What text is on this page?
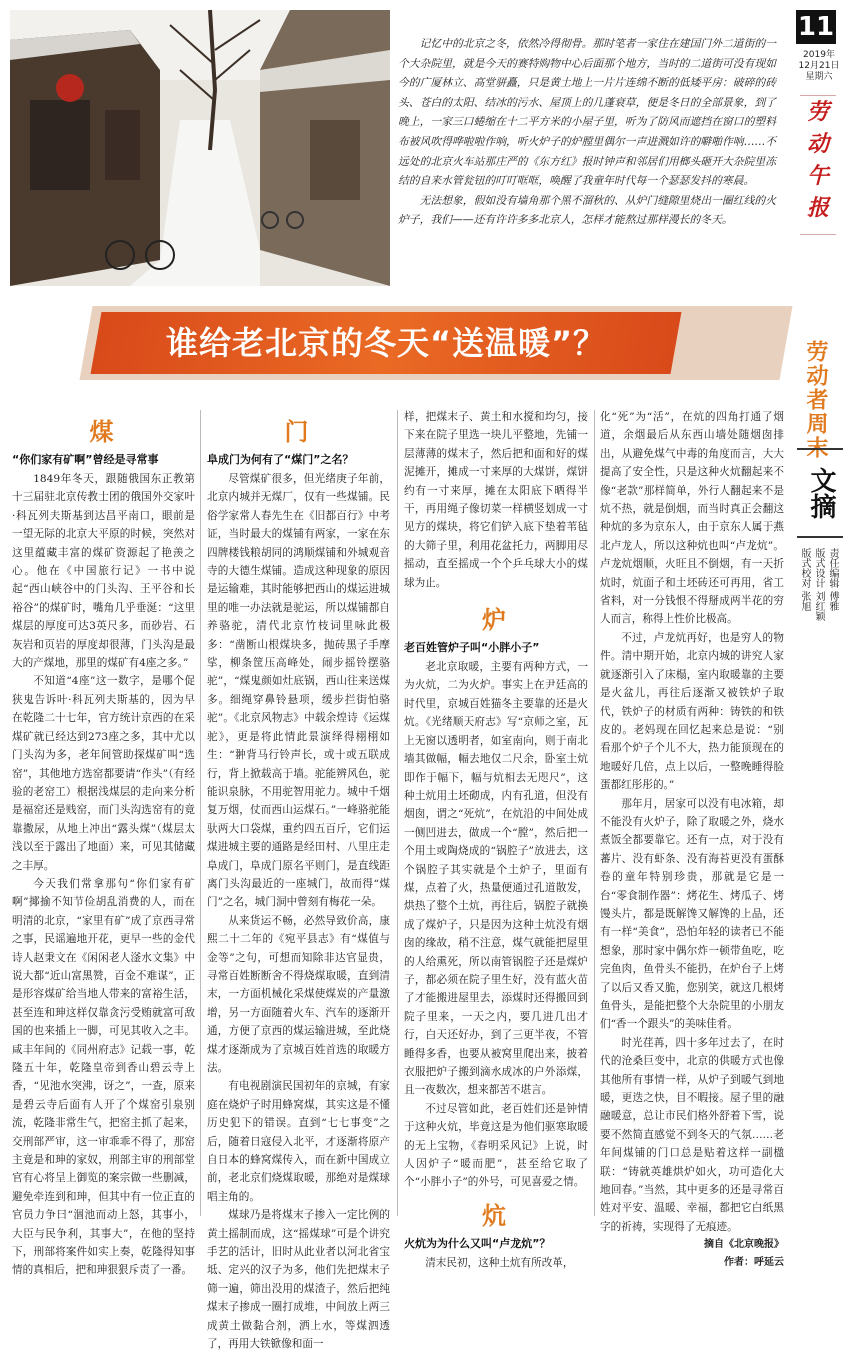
记忆中的北京之冬，依然冷得彻骨。那时笔者一家住在建国门外二道街的一个大杂院里，就是今天的赛特购物中心后面那个地方，当时的二道街可没有现如今的广厦林立、高堂骈矗，只是黄土地上一片片连绵不断的低矮平房：破碎的砖头、苍白的太阳、结冰的污水、屋顶上的几蓬衰草，便是冬日的全部景象，到了晚上，一家三口蜷缩在十二平方米的小屋子里，听为了防风而遮挡在窗口的塑料布被风吹得哗啦啦作响，听火炉子的炉膛里偶尔一声进溅如许的噼啪作响……不远处的北京火车站那庄严的《东方红》报时钟声和邻居们用榔头砸开大杂院里冻结的自来水管瓮钮的叮叮哐哐，唤醒了我童年时代每一个瑟瑟发抖的寒晨。

无法想象，假如没有墙角那个黑不溜秋的、从炉门缝隙里烧出一圈红线的火炉子，我们——还有许许多多北京人，怎样才能熬过那样漫长的冬天。

11
2019年
12月21日
星期六
劳动午报
劳动者周末
文摘
责任编辑 傅雅
版式设计 刘红颖
版式校对 张旭
谁给老北京的冬天“送温暖”？
煤

“你们家有矿啊”曾经是寻常事

1849年冬天，跟随俄国东正教第十三届驻北京传教士团的俄国外交家叶·科瓦列夫斯基到达昌平南口，眼前是一望无际的北京大平原的时候，突然对这里蕴藏丰富的煤矿资源起了艳羡之心。他在《中国旅行记》一书中说起“西山峡谷中的门头沟、王平谷和长裕谷”的煤矿时，嘴角几乎垂涎：“这里煤层的厚度可达3英尺多，而砂岩、石灰岩和页岩的厚度却很薄，门头沟是最大的产煤地，那里的煤矿有4座之多。”

不知道“4座”这一数字，是哪个促狭鬼告诉叶·科瓦列夫斯基的，因为早在乾隆二十七年，官方统计京西的在采煤矿就已经达到273座之多，其中尤以门头沟为多，老年间管助探煤矿叫“选窑”，其他地方选窑都要请“作头”（有经验的老窑工）根据浅煤层的走向来分析是福窑还是贱窑，而门头沟选窑有的竟靠撒尿，从地上冲出“露头煤”（煤层太浅以至于露出了地面）来，可见其储藏之丰厚。

今天我们常拿那句“你们家有矿啊”揶揄不知节俭胡乱消费的人，而在明清的北京，“家里有矿”成了京西寻常之事，民谣遍地开花，更早一些的金代诗人赵秉文在《闲闲老人滏水文集》中说大都“近山富黑赞，百金不难谋”，正是形容煤矿给当地人带来的富裕生活，甚至连和珅这样仅靠贪污受贿就富可敌国的也来插上一脚，可见其收入之丰。咸丰年间的《同州府志》记载一事，乾隆五十年，乾隆皇帝到香山碧云寺上香，“见池水突沸，讶之”，一查，原来是碧云寺后面有人开了个煤窑引泉别流，乾隆非常生气，把窑主抓了起来，交刑部严审，这一审乖乖不得了，那窑主竟是和珅的家奴，刑部主审的刑部堂官有心将呈上御览的案宗做一些删减，避免牵连到和珅，但其中有一位正直的官员力争曰“涸池而动上怒，其事小，大臣与民争利，其事大”，在他的坚持下，刑部将案件如实上奏，乾隆得知事情的真相后，把和珅狠狠斥责了一番。

门

阜成门为何有了“煤门”之名？

尽管煤矿很多，但光绪庚子年前，北京内城并无煤厂，仅有一些煤铺。民俗学家常人春先生在《旧都百行》中考证，当时最大的煤铺有两家，一家在东四牌楼钱粮胡同的鸿顺煤铺和外城观音寺的大德生煤铺。造成这种现象的原因是运输难，其时能够把西山的煤运进城里的唯一办法就是驼运，所以煤铺都自养骆驼，清代北京竹枝词里咏此极多：“凿断山根煤块多，抛砖黑子手摩挲，柳条筐压高峰处，闹步摇铃摆骆驼”，“煤鬼颜如灶底锅，西山往来送煤多。细绳穿鼻铃悬项，缓步拦街怕骆驼”。《北京风物志》中载余煌诗《运煤驼》，更是将此情此景演绎得栩栩如生：“翀背马行铃声长，或十或五联成行，背上掀载高于墙。驼能辨风色，驼能识泉脉，不用驼智用驼力。城中千烟复万烟，仗而西山运煤石。”一峰骆驼能驮两大口袋煤，重约四五百斤，它们运煤进城主要的通路是经田村、八里庄走阜成门，阜成门原名平则门，是直线距离门头沟最近的一座城门，故而得“煤门”之名，城门洞中曾刻有梅花一朵。

从来货运不畅，必然导致价高，康熙二十二年的《宛平县志》有“煤值与金等”之句，可想而知除非达官显贵，寻常百姓断断舍不得烧煤取暖，直到清末，一方面机械化采煤使煤炭的产量激增，另一方面随着火车、汽车的逐渐开通，方便了京西的煤运输进城，至此烧煤才逐渐成为了京城百姓首选的取暖方法。

有电视剧演民国初年的京城，有家庭在烧炉子时用蜂窝煤，其实这是不懂历史犯下的错误。直到“七七事变”之后，随着日寇侵入北平，才逐渐将原产自日本的蜂窝煤传入，而在新中国成立前，老北京们烧煤取暖，那绝对是煤球唱主角的。

煤球乃是将煤末子掺入一定比例的黄土摇制而成，这“摇煤球”可是个讲究手艺的活计，旧时从此业者以河北省宝坻、定兴的汉子为多，他们先把煤末子筛一遍，筛出没用的煤渣子，然后把纯煤末子掺成一圈打成堆，中间放上两三成黄土做黏合剂，洒上水，等煤泗透了，再用大铁锨像和面一

样，把煤末子、黄土和水搅和均匀，接下来在院子里选一块儿平整地，先铺一层薄薄的煤末子，然后把和面和好的煤泥摊开，摊成一寸来厚的大煤饼，煤饼约有一寸来厚，摊在太阳底下晒得半干，再用绳子像切菜一样横竖划成一寸见方的煤块，将它们铲入底下垫着苇毡的大筛子里，利用花盆托力，两脚用尽摇动，直至摇成一个个乒乓球大小的煤球为止。

炉

老百姓管炉子叫“小胖小子”

老北京取暖，主要有两种方式，一为火炕，二为火炉。事实上在尹廷高的时代里，京城百姓猫冬主要靠的还是火炕。《光绪顺天府志》写“京师之室，瓦上无窗以透明者，如室南向，则于南北墙其做幅，幅去地仅二尺余，卧室土炕即作于幅下，幅与炕相去无咫尺”，这种土炕用土坯砌成，内有孔道，但没有烟囱，谓之“死炕”，在炕沿的中间处成一侧凹进去，做成一个“膛”，然后把一个用土或陶烧成的“锅腔子”放进去，这个锅腔子其实就是个土炉子，里面有煤，点着了火，热量便通过孔道散发，烘热了整个土炕，再往后，锅腔子就换成了煤炉子，只是因为这种土炕没有烟囱的缘故，稍不注意，煤气就能把屋里的人给熏死，所以南管锅腔子还是煤炉子，都必须在院子里生好，没有蓝火苗了才能搬进屋里去，添煤时还得搬回到院子里来，一天之内，要几进几出才行，白天还好办，到了三更半夜，不管睡得多香，也要从被窝里爬出来，披着衣服把炉子搬到滴水成冰的户外添煤，且一夜数次，想来都苦不堪言。

不过尽管如此，老百姓们还是钟情于这种火炕，毕竟这是为他们驱寒取暖的无上宝物，《春明采风记》上说，时人因炉子“暖而肥”，甚至给它取了个“小胖小子”的外号，可见喜爱之情。

炕

火炕为为什么又叫“卢龙炕”？

清末民初，这种土炕有所改革，

化“死”为“活”，在炕的四角打通了烟道，余烟最后从东西山墙处随烟囱排出，从避免煤气中毒的角度而言，大大提高了安全性，只是这种火炕翻起来不像“老款”那样简单，外行人翻起来不是炕不热，就是倒烟，而当时真正会翻这种炕的多为京东人，由于京东人属于燕北卢龙人，所以这种炕也叫“卢龙炕”。卢龙炕烟顺，火旺且不倒烟，有一天折炕时，炕面子和土坯砖还可再用，省工省料，对一分钱恨不得掰成两半花的穷人而言，称得上性价比极高。

不过，卢龙炕再好，也是穷人的物件。清中期开始，北京内城的讲究人家就逐渐引入了床榻，室内取暖靠的主要是火盆儿，再往后逐渐又被铁炉子取代，铁炉子的材质有两种：铸铁的和铁皮的。老妈现在回忆起来总是说：“别看那个炉子个儿不大，热力能顶现在的地暖好几倍，点上以后，一整晚睡得脸蛋都红彤彤的。”

那年月，居家可以没有电冰箱，却不能没有火炉子，除了取暖之外，烧水煮饭全都要靠它。还有一点，对于没有蕃片、没有虾条、没有海苔更没有蛋酥卷的童年特别珍贵，那就是它是一台“零食制作器”：烤花生、烤瓜子、烤馒头片，都是既解馋又解馋的上品，还有一样“美食”，恐怕年轻的读者已不能想象，那时家中偶尔炸一顿带鱼吃，吃完鱼肉，鱼骨头不能扔，在炉台子上烤了以后又香又脆，您别笑，就这几根烤鱼骨头，是能把整个大杂院里的小朋友们“香一个跟头”的美味佳肴。

时光荏苒，四十多年过去了，在时代的沧桑巨变中，北京的供暖方式也像其他所有事情一样，从炉子到暖气到地暖，更迭之快，目不暇接。屋子里的融融暖意，总让市民们格外舒着下雪，说要不然简直感觉不到冬天的气氛……老年间煤铺的门口总是贴着这样一副楹联：“铸就英雄烘炉如火，功可造化大地回春。”当然，其中更多的还是寻常百姓对平安、温暖、幸福，都把它白纸黑字的祈祷，实现得了无痕迹。

摘自《北京晚报》
作者：呼延云
